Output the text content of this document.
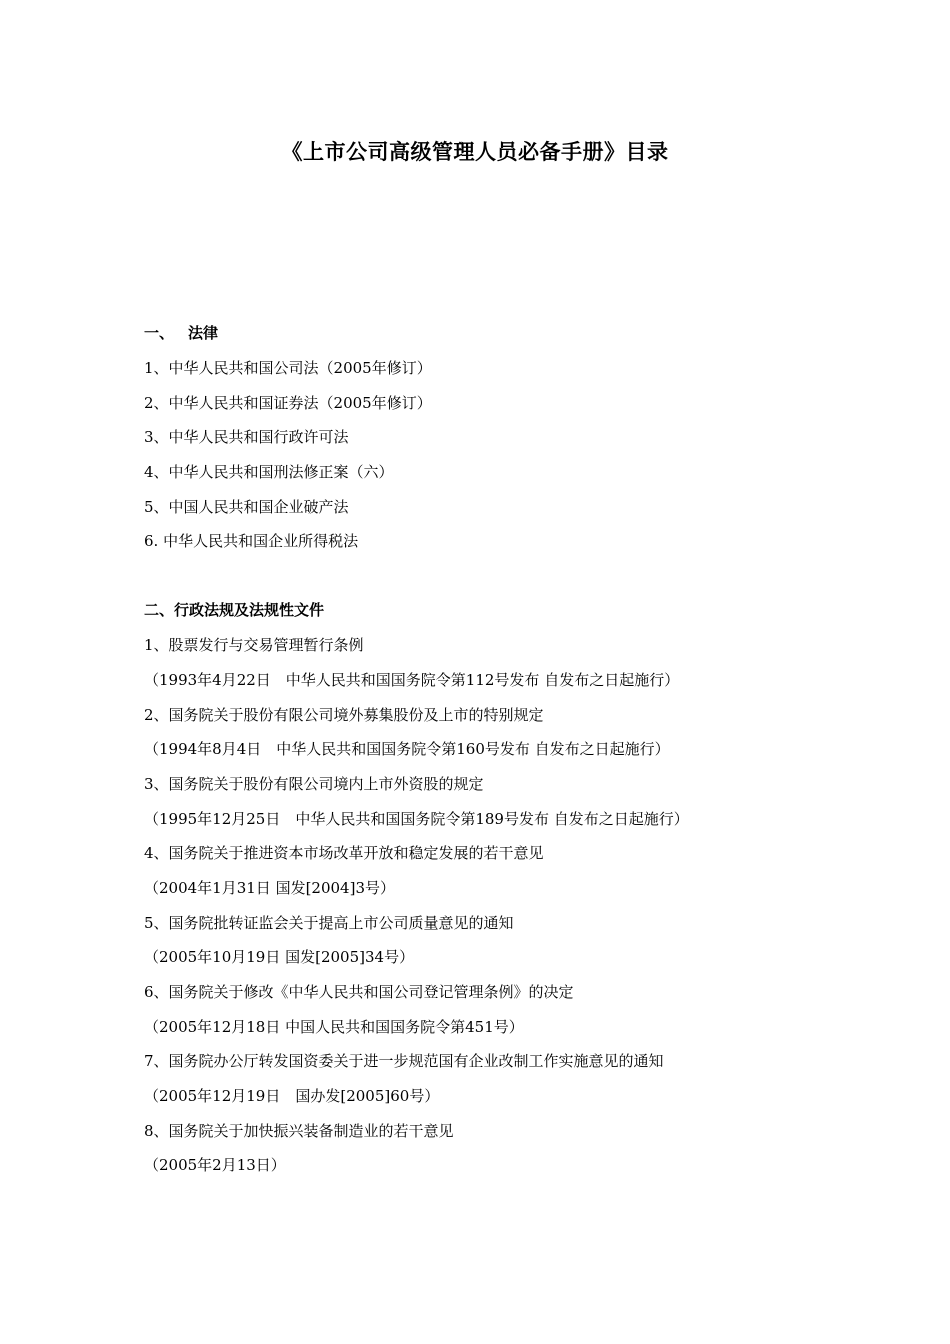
《上市公司高级管理人员必备手册》目录
一、 法律
1、中华人民共和国公司法（2005年修订）
2、中华人民共和国证券法（2005年修订）
3、中华人民共和国行政许可法
4、中华人民共和国刑法修正案（六）
5、中国人民共和国企业破产法
6. 中华人民共和国企业所得税法
二、行政法规及法规性文件
1、股票发行与交易管理暂行条例
（1993年4月22日　中华人民共和国国务院令第112号发布 自发布之日起施行）
2、国务院关于股份有限公司境外募集股份及上市的特别规定
（1994年8月4日　中华人民共和国国务院令第160号发布 自发布之日起施行）
3、国务院关于股份有限公司境内上市外资股的规定
（1995年12月25日　中华人民共和国国务院令第189号发布 自发布之日起施行）
4、国务院关于推进资本市场改革开放和稳定发展的若干意见
（2004年1月31日 国发[2004]3号）
5、国务院批转证监会关于提高上市公司质量意见的通知
（2005年10月19日 国发[2005]34号）
6、国务院关于修改《中华人民共和国公司登记管理条例》的决定
（2005年12月18日 中国人民共和国国务院令第451号）
7、国务院办公厅转发国资委关于进一步规范国有企业改制工作实施意见的通知
（2005年12月19日　国办发[2005]60号）
8、国务院关于加快振兴装备制造业的若干意见
（2005年2月13日）
